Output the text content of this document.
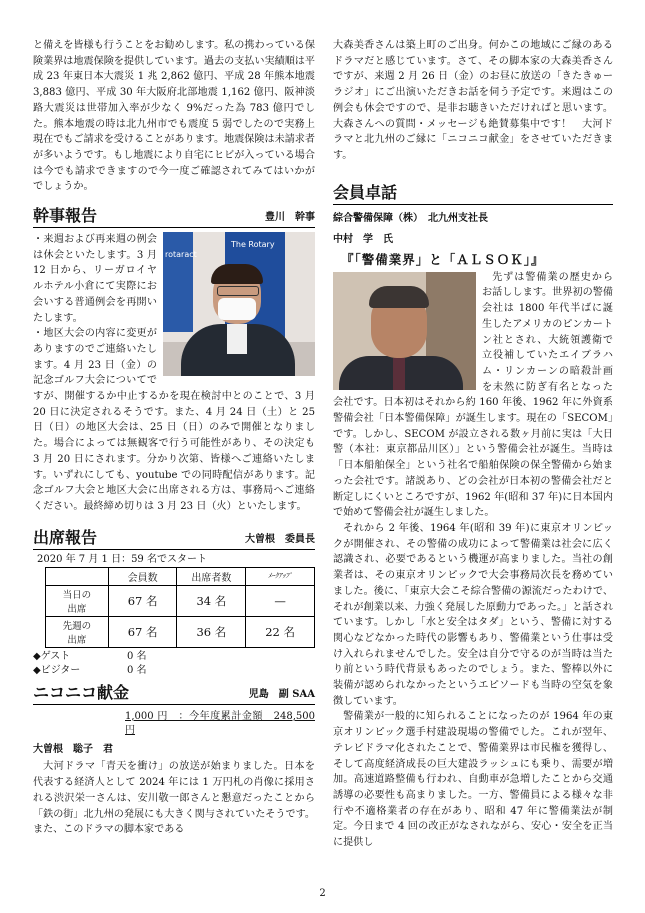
と備えを皆様も行うことをお勧めします。私の携わっている保険業界は地震保険を提供しています。過去の支払い実績順は平成 23 年東日本大震災 1 兆 2,862 億円、平成 28 年熊本地震 3,883 億円、平成 30 年大阪府北部地震 1,162 億円、阪神淡路大震災は世帯加入率が少なく 9%だった為 783 億円でした。熊本地震の時は北九州市でも震度 5 弱でしたので実務上現在でもご請求を受けることがあります。地震保険は未請求者が多いようです。もし地震により自宅にヒビが入っている場合は今でも請求できますので今一度ご確認されてみてはいかがでしょうか。

幹事報告	豊川　幹事
rotaract
The Rotary

・来週および再来週の例会は休会といたします。3 月 12 日から、リーガロイヤルホテル小倉にて実際にお会いする普通例会を再開いたします。

・地区大会の内容に変更がありますのでご連絡いたします。4 月 23 日（金）の記念ゴルフ大会についてですが、開催するか中止するかを現在検討中とのことで、3 月 20 日に決定されるそうです。また、4 月 24 日（土）と 25 日（日）の地区大会は、25 日（日）のみで開催となりました。場合によっては無観客で行う可能性があり、その決定も 3 月 20 日にされます。分かり次第、皆様へご連絡いたします。いずれにしても、youtube での同時配信があります。記念ゴルフ大会と地区大会に出席される方は、事務局へご連絡ください。最終締め切りは 3 月 23 日（火）といたします。

出席報告	大曽根　委員長

2020 年 7 月 1 日：59 名でスタート

	会員数	出席者数	ﾒｰｸｱｯﾌﾟ
当日の
出席	67 名	34 名	—
先週の
出席	67 名	36 名	22 名
◆ゲスト	0 名
◆ビジター	0 名
ニコニコ献金	児島　副 SAA

1,000 円　：今年度累計金額　248,500 円

大曽根　聡子　君

大河ドラマ「青天を衝け」の放送が始まりました。日本を代表する経済人として 2024 年には 1 万円札の肖像に採用される渋沢栄一さんは、安川敬一郎さんと懇意だったことから「鉄の街」北九州の発展にも大きく関与されていたそうです。また、このドラマの脚本家である

大森美香さんは築上町のご出身。何かこの地域にご縁のあるドラマだと感じています。さて、その脚本家の大森美香さんですが、来週 2 月 26 日（金）のお昼に放送の「きたきゅーラジオ」にご出演いただきお話を伺う予定です。来週はこの例会も休会ですので、是非お聴きいただければと思います。大森さんへの質問・メッセージも絶賛募集中です！　大河ドラマと北九州のご縁に「ニコニコ献金」をさせていただきます。

会員卓話

綜合警備保障（株）　北九州支社長

中村　学　氏

『「警備業界」と「ＡＬＳＯＫ」』

先ずは警備業の歴史からお話しします。世界初の警備会社は 1800 年代半ばに誕生したアメリカのピンカートン社とされ、大統領護衛で立役補していたエイブラハム・リンカーンの暗殺計画を未然に防ぎ有名となった会社です。日本初はそれから約 160 年後、1962 年に外資系警備会社「日本警備保障」が誕生します。現在の「SECOM」です。しかし、SECOM が設立される数ヶ月前に実は「大日警（本社：東京都品川区）」という警備会社が誕生。当時は「日本船舶保全」という社名で船舶保険の保全警備から始まった会社です。諸説あり、どの会社が日本初の警備会社だと断定しにくいところですが、1962 年(昭和 37 年)に日本国内で始めて警備会社が誕生しました。

それから 2 年後、1964 年(昭和 39 年)に東京オリンピックが開催され、その警備の成功によって警備業は社会に広く認識され、必要であるという機運が高まりました。当社の創業者は、その東京オリンピックで大会事務局次長を務めていました。後に、「東京大会こそ綜合警備の源流だったわけで、それが創業以来、力強く発展した原動力であった。」と話されています。しかし「水と安全はタダ」という、警備に対する関心などなかった時代の影響もあり、警備業という仕事は受け入れられませんでした。安全は自分で守るのが当時は当たり前という時代背景もあったのでしょう。また、警棒以外に装備が認められなかったというエピソードも当時の空気を象徴しています。

警備業が一般的に知られることになったのが 1964 年の東京オリンピック選手村建設現場の警備でした。これが翌年、テレビドラマ化されたことで、警備業界は市民権を獲得し、そして高度経済成長の巨大建設ラッシュにも乗り、需要が増加。高速道路整備も行われ、自動車が急増したことから交通誘導の必要性も高まりました。一方、警備員による様々な非行や不適格業者の存在があり、昭和 47 年に警備業法が制定。今日まで 4 回の改正がなされながら、安心・安全を正当に提供し

2
